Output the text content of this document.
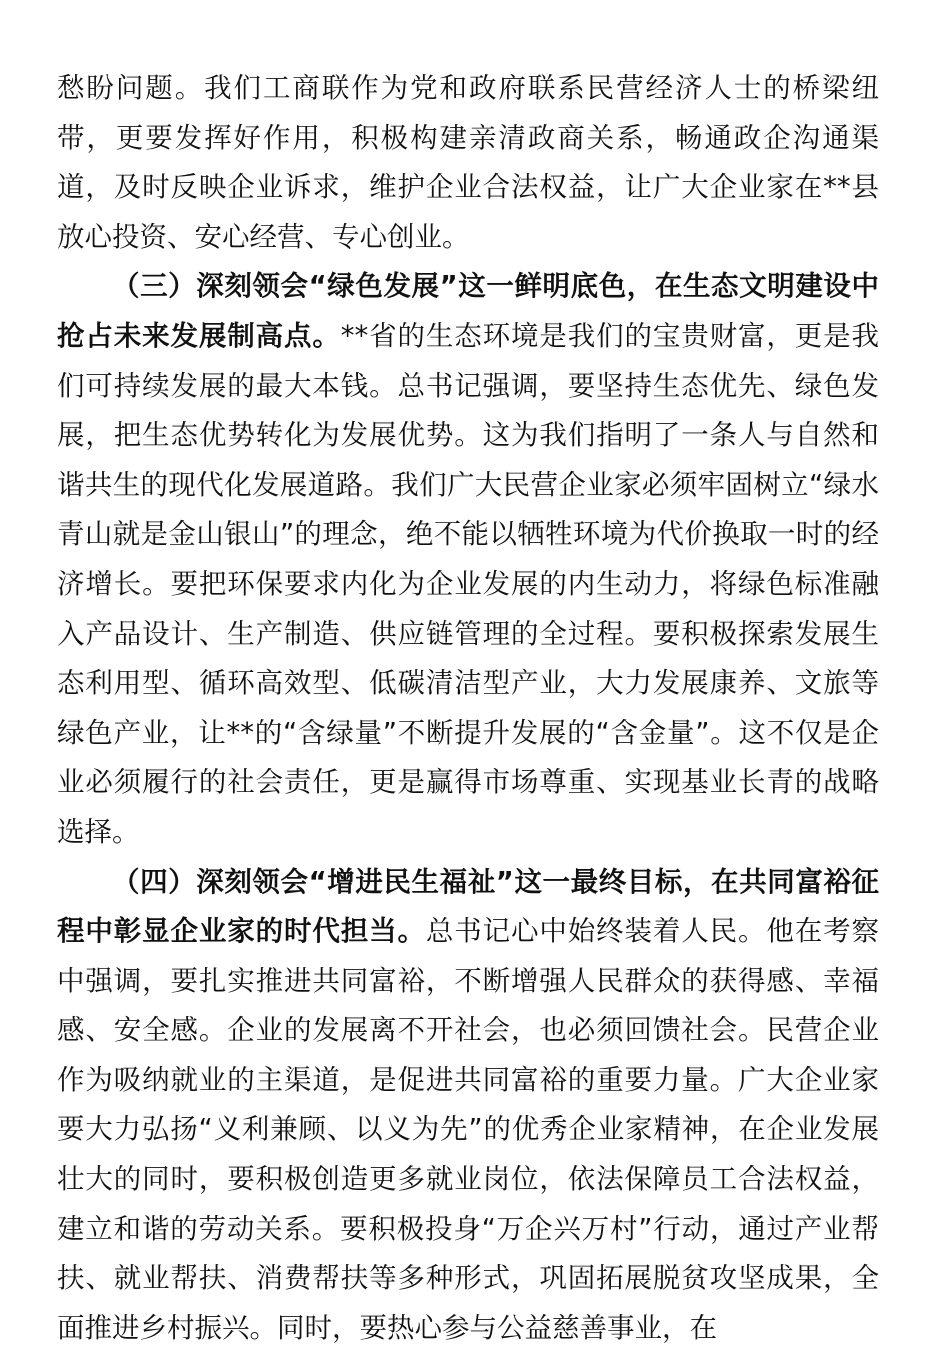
愁盼问题。我们工商联作为党和政府联系民营经济人士的桥梁纽带，更要发挥好作用，积极构建亲清政商关系，畅通政企沟通渠道，及时反映企业诉求，维护企业合法权益，让广大企业家在**县放心投资、安心经营、专心创业。

（三）深刻领会“绿色发展”这一鲜明底色，在生态文明建设中抢占未来发展制高点。**省的生态环境是我们的宝贵财富，更是我们可持续发展的最大本钱。总书记强调，要坚持生态优先、绿色发展，把生态优势转化为发展优势。这为我们指明了一条人与自然和谐共生的现代化发展道路。我们广大民营企业家必须牢固树立“绿水青山就是金山银山”的理念，绝不能以牺牲环境为代价换取一时的经济增长。要把环保要求内化为企业发展的内生动力，将绿色标准融入产品设计、生产制造、供应链管理的全过程。要积极探索发展生态利用型、循环高效型、低碳清洁型产业，大力发展康养、文旅等绿色产业，让**的“含绿量”不断提升发展的“含金量”。这不仅是企业必须履行的社会责任，更是赢得市场尊重、实现基业长青的战略选择。

（四）深刻领会“增进民生福祉”这一最终目标，在共同富裕征程中彰显企业家的时代担当。总书记心中始终装着人民。他在考察中强调，要扎实推进共同富裕，不断增强人民群众的获得感、幸福感、安全感。企业的发展离不开社会，也必须回馈社会。民营企业作为吸纳就业的主渠道，是促进共同富裕的重要力量。广大企业家要大力弘扬“义利兼顾、以义为先”的优秀企业家精神，在企业发展壮大的同时，要积极创造更多就业岗位，依法保障员工合法权益，建立和谐的劳动关系。要积极投身“万企兴万村”行动，通过产业帮扶、就业帮扶、消费帮扶等多种形式，巩固拓展脱贫攻坚成果，全面推进乡村振兴。同时，要热心参与公益慈善事业，在
